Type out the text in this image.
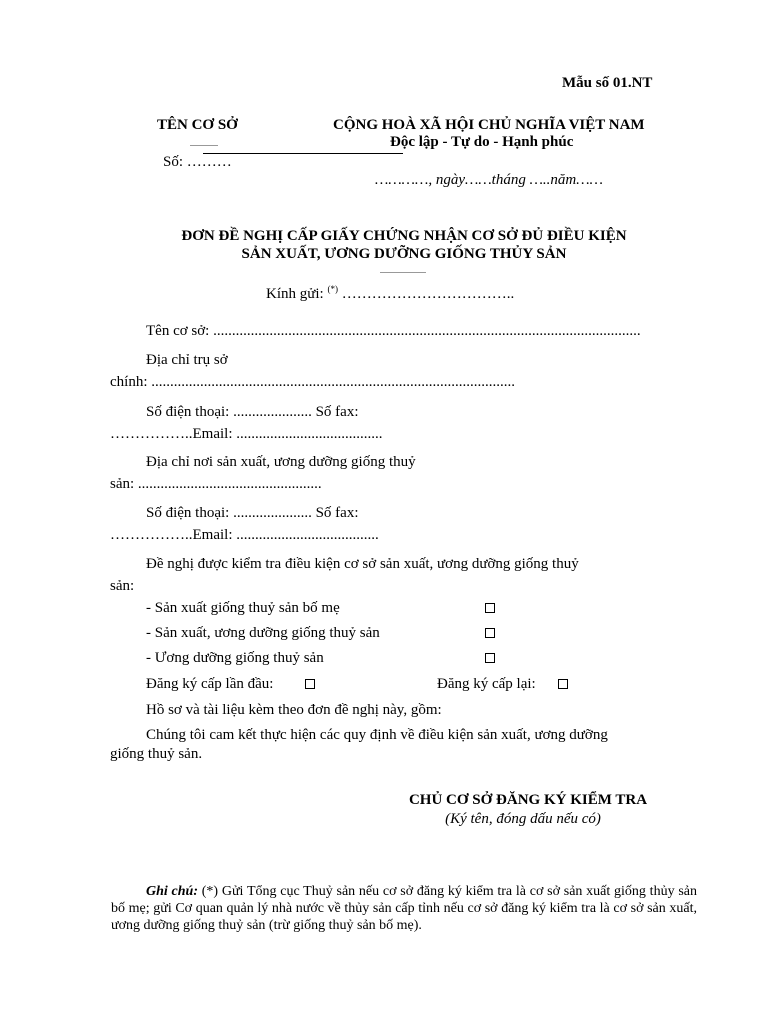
Mẫu số 01.NT
TÊN CƠ SỞ
Số: ………
CỘNG HOÀ XÃ HỘI CHỦ NGHĨA VIỆT NAM
Độc lập - Tự do - Hạnh phúc
…………, ngày……tháng …..năm……
ĐƠN ĐỀ NGHỊ CẤP GIẤY CHỨNG NHẬN CƠ SỞ ĐỦ ĐIỀU KIỆN
SẢN XUẤT, ƯƠNG DƯỠNG GIỐNG THỦY SẢN
Kính gửi: (*) ……………………………..
Tên cơ sở: ..................................................................................................................
Địa chỉ trụ sở
chính: .................................................................................................
Số điện thoại: ..................... Số fax:
……………..Email: .......................................
Địa chỉ nơi sản xuất, ương dưỡng giống thuỷ
sản: .................................................
Số điện thoại: ..................... Số fax:
……………..Email: ......................................
Đề nghị được kiểm tra điều kiện cơ sở sản xuất, ương dưỡng giống thuỷ
sản:
- Sản xuất giống thuỷ sản bố mẹ
- Sản xuất, ương dưỡng giống thuỷ sản
- Ương dưỡng giống thuỷ sản
Đăng ký cấp lần đầu:	Đăng ký cấp lại:
Hồ sơ và tài liệu kèm theo đơn đề nghị này, gồm:
Chúng tôi cam kết thực hiện các quy định về điều kiện sản xuất, ương dưỡng
giống thuỷ sản.
CHỦ CƠ SỞ ĐĂNG KÝ KIỂM TRA
(Ký tên, đóng dấu nếu có)
Ghi chú: (*) Gửi Tổng cục Thuỷ sản nếu cơ sở đăng ký kiểm tra là cơ sở sản xuất giống thủy sản bố mẹ; gửi Cơ quan quản lý nhà nước về thủy sản cấp tỉnh nếu cơ sở đăng ký kiểm tra là cơ sở sản xuất, ương dưỡng giống thuỷ sản (trừ giống thuỷ sản bố mẹ).
